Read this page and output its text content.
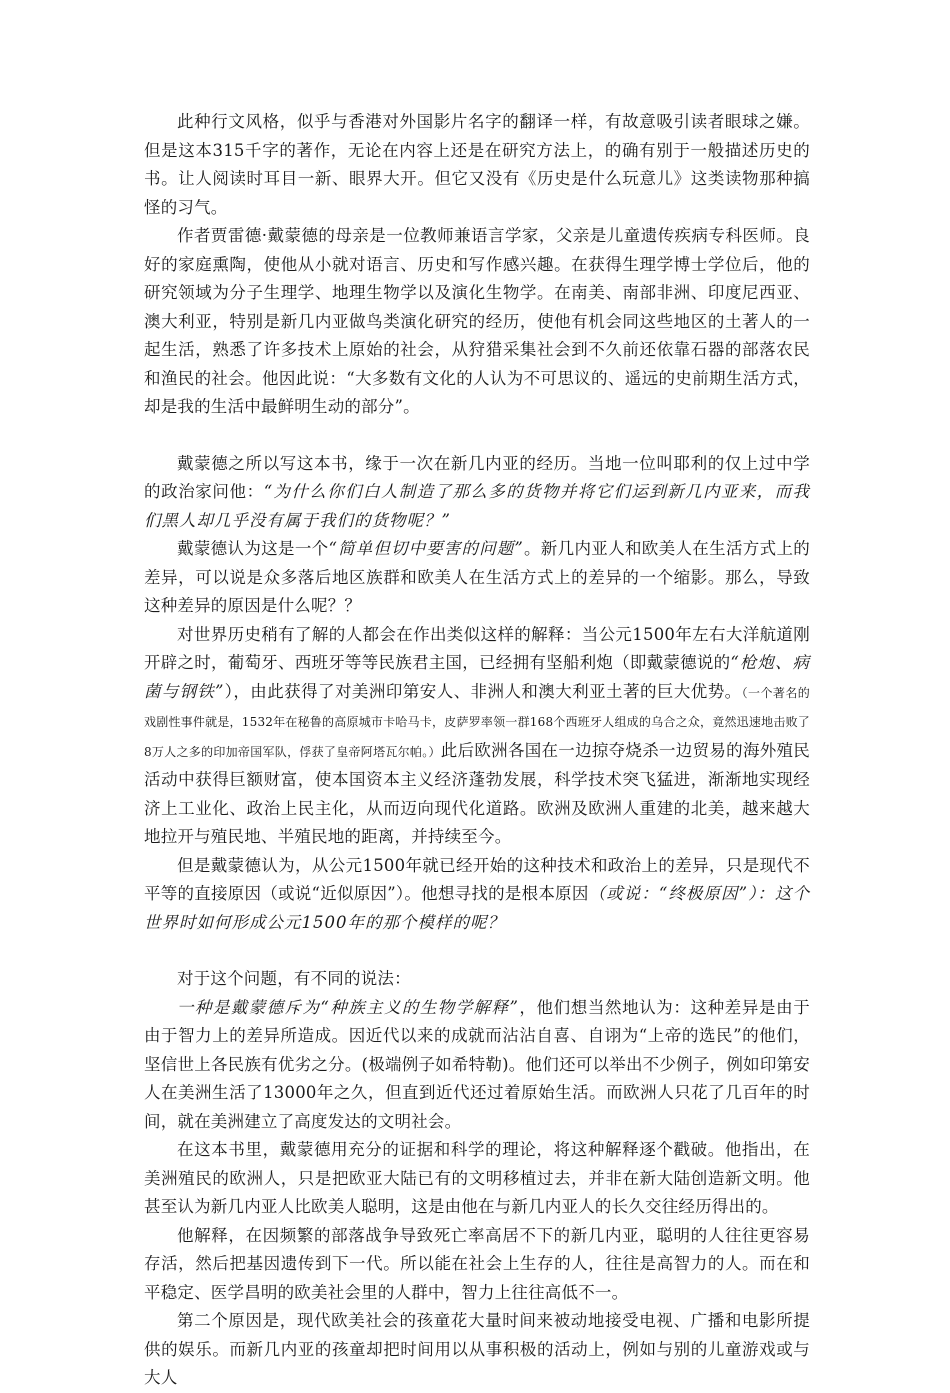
此种行文风格，似乎与香港对外国影片名字的翻译一样，有故意吸引读者眼球之嫌。但是这本315千字的著作，无论在内容上还是在研究方法上，的确有别于一般描述历史的书。让人阅读时耳目一新、眼界大开。但它又没有《历史是什么玩意儿》这类读物那种搞怪的习气。

作者贾雷德·戴蒙德的母亲是一位教师兼语言学家，父亲是儿童遗传疾病专科医师。良好的家庭熏陶，使他从小就对语言、历史和写作感兴趣。在获得生理学博士学位后，他的研究领域为分子生理学、地理生物学以及演化生物学。在南美、南部非洲、印度尼西亚、澳大利亚，特别是新几内亚做鸟类演化研究的经历，使他有机会同这些地区的土著人的一起生活，熟悉了许多技术上原始的社会，从狩猎采集社会到不久前还依靠石器的部落农民和渔民的社会。他因此说：“大多数有文化的人认为不可思议的、遥远的史前期生活方式，却是我的生活中最鲜明生动的部分”。

戴蒙德之所以写这本书，缘于一次在新几内亚的经历。当地一位叫耶利的仅上过中学的政治家问他：“为什么你们白人制造了那么多的货物并将它们运到新几内亚来，而我们黑人却几乎没有属于我们的货物呢？”

戴蒙德认为这是一个“简单但切中要害的问题”。新几内亚人和欧美人在生活方式上的差异，可以说是众多落后地区族群和欧美人在生活方式上的差异的一个缩影。那么，导致这种差异的原因是什么呢？？

对世界历史稍有了解的人都会在作出类似这样的解释：当公元1500年左右大洋航道刚开辟之时，葡萄牙、西班牙等等民族君主国，已经拥有坚船利炮（即戴蒙德说的“枪炮、病菌与钢铁”），由此获得了对美洲印第安人、非洲人和澳大利亚土著的巨大优势。（一个著名的戏剧性事件就是，1532年在秘鲁的高原城市卡哈马卡，皮萨罗率领一群168个西班牙人组成的乌合之众，竟然迅速地击败了8万人之多的印加帝国军队，俘获了皇帝阿塔瓦尔帕。）此后欧洲各国在一边掠夺烧杀一边贸易的海外殖民活动中获得巨额财富，使本国资本主义经济蓬勃发展，科学技术突飞猛进，渐渐地实现经济上工业化、政治上民主化，从而迈向现代化道路。欧洲及欧洲人重建的北美，越来越大地拉开与殖民地、半殖民地的距离，并持续至今。

但是戴蒙德认为，从公元1500年就已经开始的这种技术和政治上的差异，只是现代不平等的直接原因（或说“近似原因”）。他想寻找的是根本原因（或说：“终极原因”）：这个世界时如何形成公元1500年的那个模样的呢？

对于这个问题，有不同的说法：

一种是戴蒙德斥为“种族主义的生物学解释”，他们想当然地认为：这种差异是由于由于智力上的差异所造成。因近代以来的成就而沾沾自喜、自诩为“上帝的选民”的他们，坚信世上各民族有优劣之分。(极端例子如希特勒)。他们还可以举出不少例子，例如印第安人在美洲生活了13000年之久，但直到近代还过着原始生活。而欧洲人只花了几百年的时间，就在美洲建立了高度发达的文明社会。

在这本书里，戴蒙德用充分的证据和科学的理论，将这种解释逐个戳破。他指出，在美洲殖民的欧洲人，只是把欧亚大陆已有的文明移植过去，并非在新大陆创造新文明。他甚至认为新几内亚人比欧美人聪明，这是由他在与新几内亚人的长久交往经历得出的。

他解释，在因频繁的部落战争导致死亡率高居不下的新几内亚，聪明的人往往更容易存活，然后把基因遗传到下一代。所以能在社会上生存的人，往往是高智力的人。而在和平稳定、医学昌明的欧美社会里的人群中，智力上往往高低不一。

第二个原因是，现代欧美社会的孩童花大量时间来被动地接受电视、广播和电影所提供的娱乐。而新几内亚的孩童却把时间用以从事积极的活动上，例如与别的儿童游戏或与大人
